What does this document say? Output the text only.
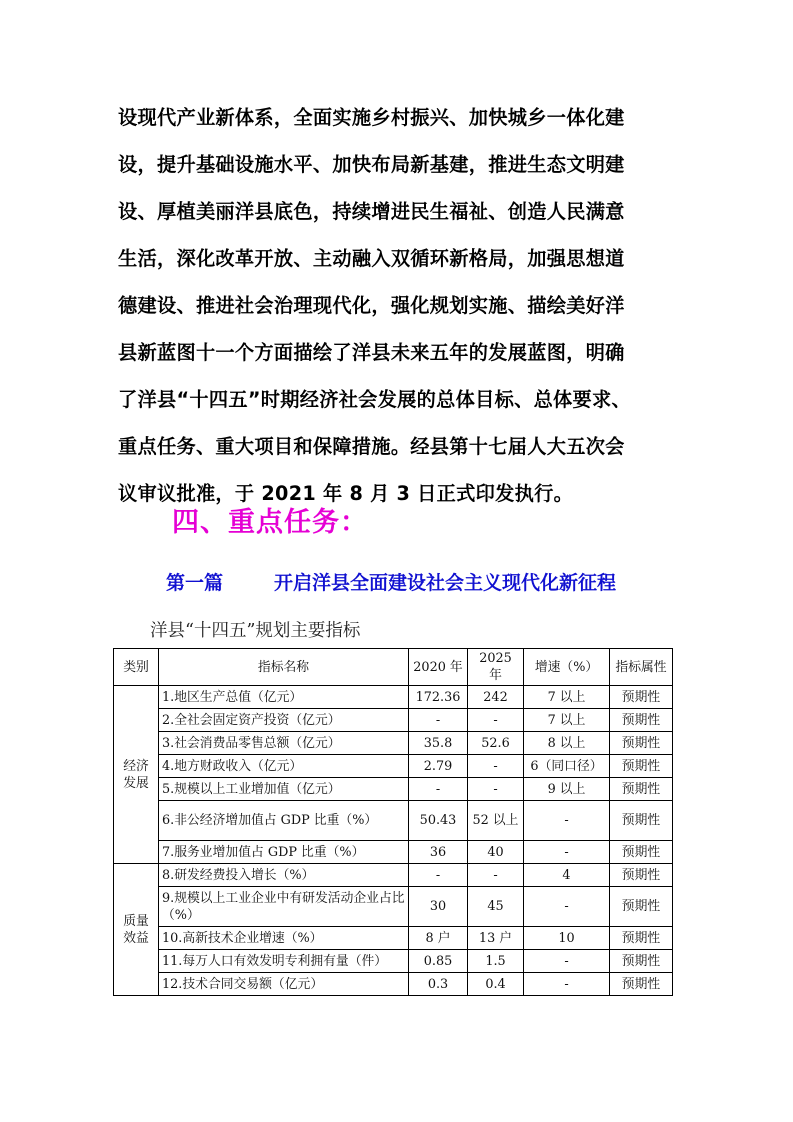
设现代产业新体系，全面实施乡村振兴、加快城乡一体化建
设，提升基础设施水平、加快布局新基建，推进生态文明建
设、厚植美丽洋县底色，持续增进民生福祉、创造人民满意
生活，深化改革开放、主动融入双循环新格局，加强思想道
德建设、推进社会治理现代化，强化规划实施、描绘美好洋
县新蓝图十一个方面描绘了洋县未来五年的发展蓝图，明确
了洋县“十四五”时期经济社会发展的总体目标、总体要求、
重点任务、重大项目和保障措施。经县第十七届人大五次会
议审议批准，于 2021 年 8 月 3 日正式印发执行。
四、重点任务：
第一篇	开启洋县全面建设社会主义现代化新征程
洋县“十四五”规划主要指标
类别	指标名称	2020 年	2025 年	增速（%）	指标属性
经济发展	1.地区生产总值（亿元）	172.36	242	7 以上	预期性
	2.全社会固定资产投资（亿元）	-	-	7 以上	预期性
	3.社会消费品零售总额（亿元）	35.8	52.6	8 以上	预期性
	4.地方财政收入（亿元）	2.79	-	6（同口径）	预期性
	5.规模以上工业增加值（亿元）	-	-	9 以上	预期性
	6.非公经济增加值占 GDP 比重（%）	50.43	52 以上	-	预期性
	7.服务业增加值占 GDP 比重（%）	36	40	-	预期性
质量效益	8.研发经费投入增长（%）	-	-	4	预期性
	9.规模以上工业企业中有研发活动企业占比（%）	30	45	-	预期性
	10.高新技术企业增速（%）	8 户	13 户	10	预期性
	11.每万人口有效发明专利拥有量（件）	0.85	1.5	-	预期性
	12.技术合同交易额（亿元）	0.3	0.4	-	预期性
